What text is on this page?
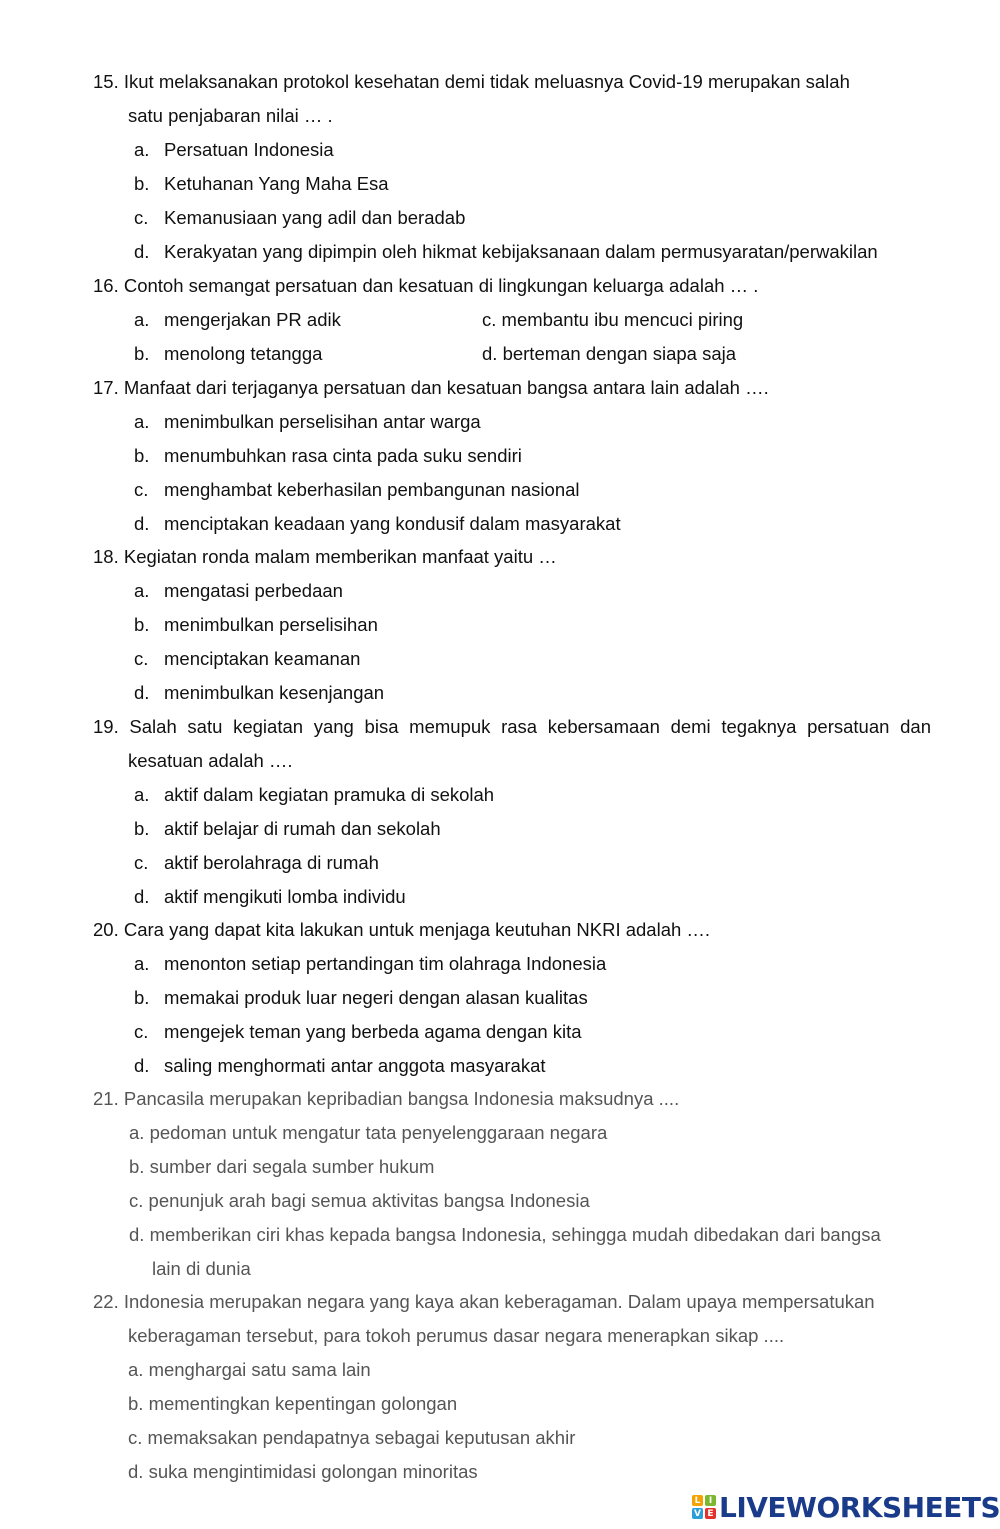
15. Ikut melaksanakan protokol kesehatan demi tidak meluasnya Covid-19 merupakan salah
satu penjabaran nilai … .
a. Persatuan Indonesia
b. Ketuhanan Yang Maha Esa
c. Kemanusiaan yang adil dan beradab
d. Kerakyatan yang dipimpin oleh hikmat kebijaksanaan dalam permusyaratan/perwakilan
16. Contoh semangat persatuan dan kesatuan di lingkungan keluarga adalah … .
a. mengerjakan PR adik	c. membantu ibu mencuci piring
b. menolong tetangga	d. berteman dengan siapa saja
17. Manfaat dari terjaganya persatuan dan kesatuan bangsa antara lain adalah ….
a. menimbulkan perselisihan antar warga
b. menumbuhkan rasa cinta pada suku sendiri
c. menghambat keberhasilan pembangunan nasional
d. menciptakan keadaan yang kondusif dalam masyarakat
18. Kegiatan ronda malam memberikan manfaat yaitu …
a. mengatasi perbedaan
b. menimbulkan perselisihan
c. menciptakan keamanan
d. menimbulkan kesenjangan
19. Salah satu kegiatan yang bisa memupuk rasa kebersamaan demi tegaknya persatuan dan
kesatuan adalah ….
a. aktif dalam kegiatan pramuka di sekolah
b. aktif belajar di rumah dan sekolah
c. aktif berolahraga di rumah
d. aktif mengikuti lomba individu
20. Cara yang dapat kita lakukan untuk menjaga keutuhan NKRI adalah ….
a. menonton setiap pertandingan tim olahraga Indonesia
b. memakai produk luar negeri dengan alasan kualitas
c. mengejek teman yang berbeda agama dengan kita
d. saling menghormati antar anggota masyarakat
21. Pancasila merupakan kepribadian bangsa Indonesia maksudnya ....
a. pedoman untuk mengatur tata penyelenggaraan negara
b. sumber dari segala sumber hukum
c. penunjuk arah bagi semua aktivitas bangsa Indonesia
d. memberikan ciri khas kepada bangsa Indonesia, sehingga mudah dibedakan dari bangsa
lain di dunia
22. Indonesia merupakan negara yang kaya akan keberagaman. Dalam upaya mempersatukan
keberagaman tersebut, para tokoh perumus dasar negara menerapkan sikap ....
a. menghargai satu sama lain
b. mementingkan kepentingan golongan
c. memaksakan pendapatnya sebagai keputusan akhir
d. suka mengintimidasi golongan minoritas
L I
V E LIVEWORKSHEETS
